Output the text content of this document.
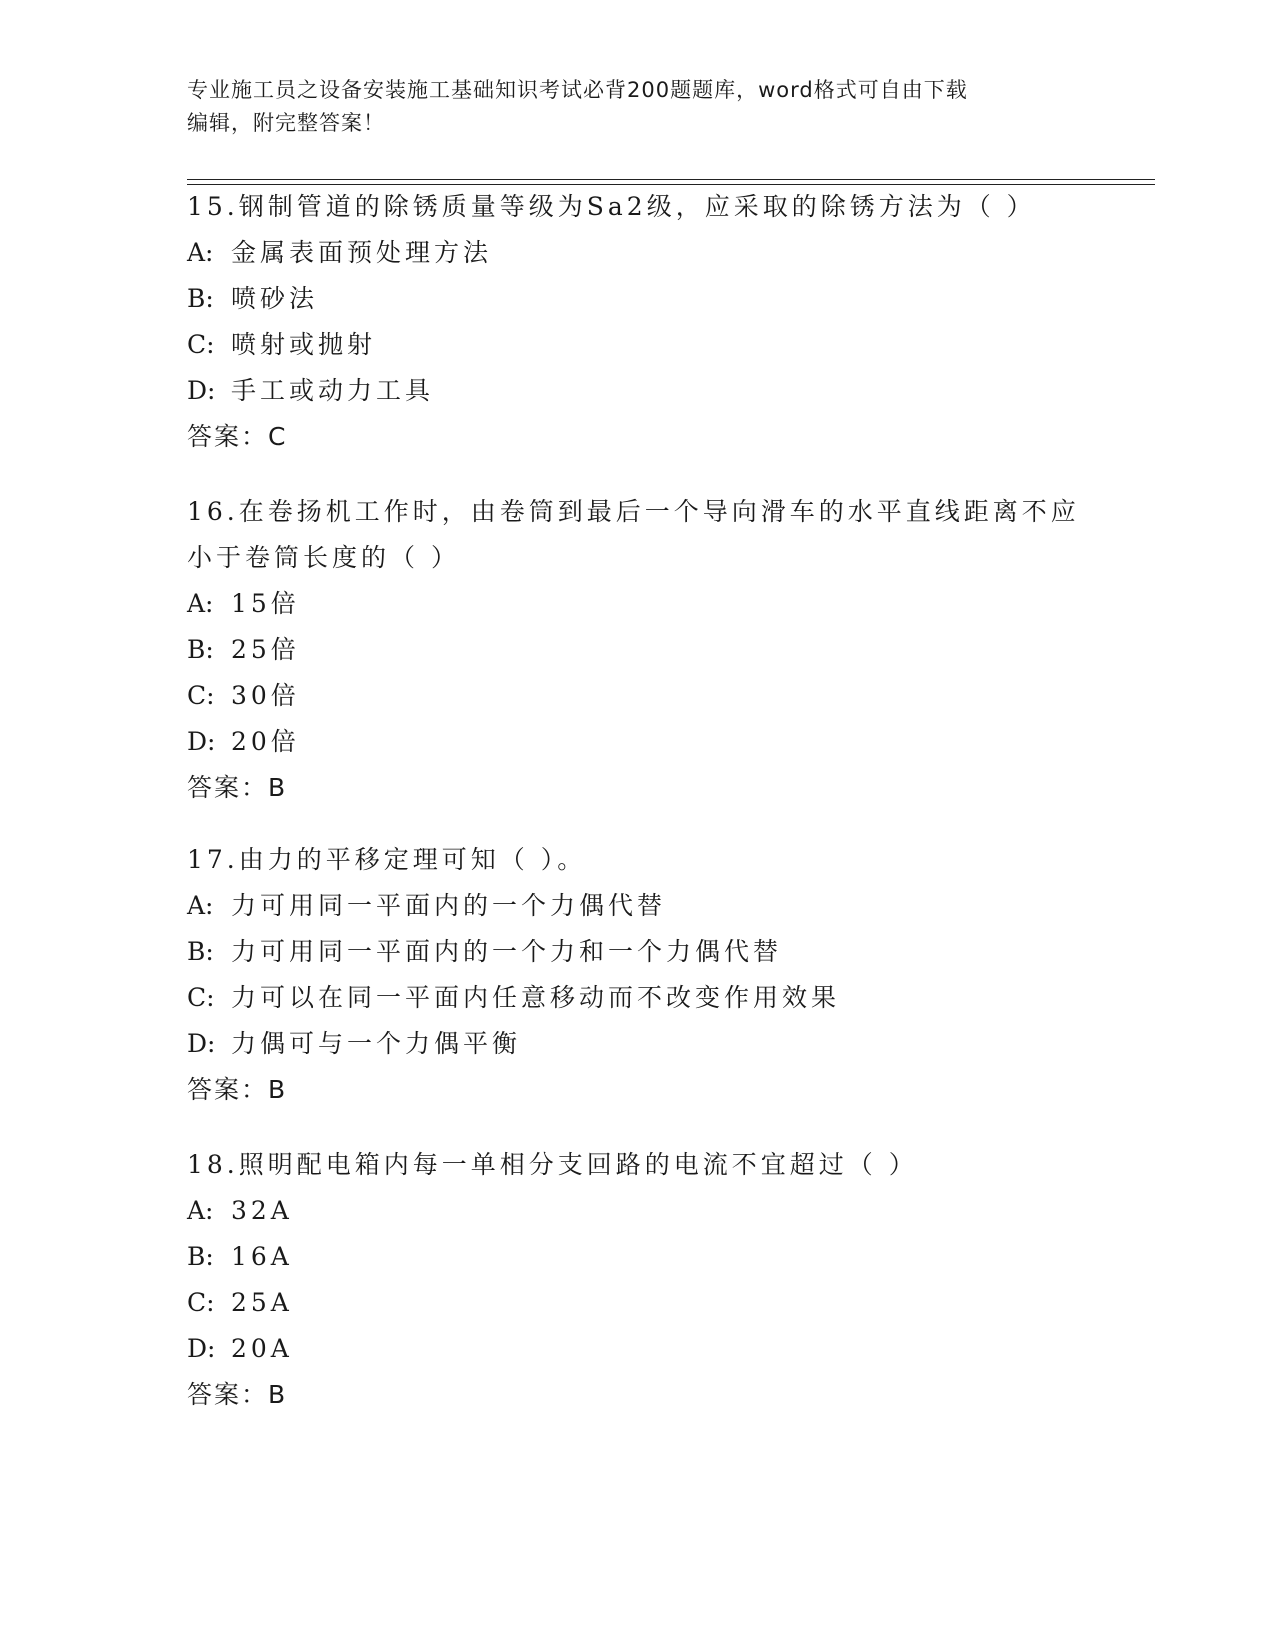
专业施工员之设备安装施工基础知识考试必背200题题库，word格式可自由下载
编辑，附完整答案！
15.钢制管道的除锈质量等级为Sa2级，应采取的除锈方法为（ ）
A: 金属表面预处理方法
B: 喷砂法
C: 喷射或抛射
D: 手工或动力工具
答案：C
16.在卷扬机工作时，由卷筒到最后一个导向滑车的水平直线距离不应
小于卷筒长度的（ ）
A: 15倍
B: 25倍
C: 30倍
D: 20倍
答案：B
17.由力的平移定理可知（ ）。
A: 力可用同一平面内的一个力偶代替
B: 力可用同一平面内的一个力和一个力偶代替
C: 力可以在同一平面内任意移动而不改变作用效果
D: 力偶可与一个力偶平衡
答案：B
18.照明配电箱内每一单相分支回路的电流不宜超过（ ）
A: 32A
B: 16A
C: 25A
D: 20A
答案：B
